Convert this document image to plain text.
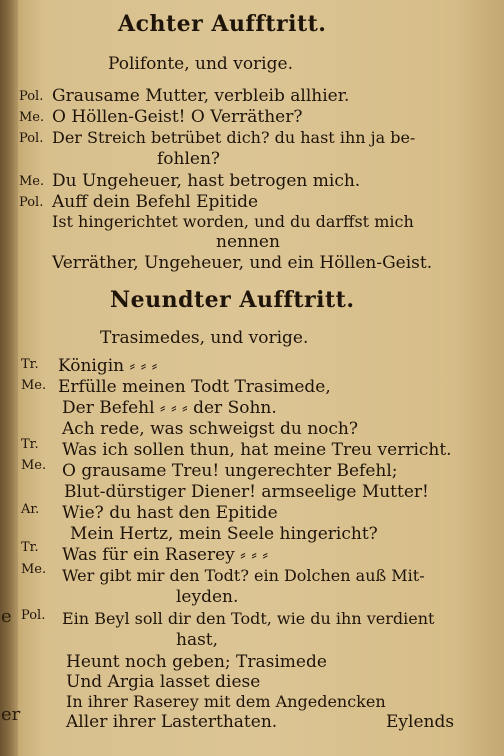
e
er
Achter Aufftritt.
Polifonte, und vorige.
Pol. Grausame Mutter, verbleib allhier.
Me. O Höllen-Geist! O Verräther?
Pol. Der Streich betrübet dich? du hast ihn ja be-
fohlen?
Me. Du Ungeheuer, hast betrogen mich.
Pol. Auff dein Befehl Epitide
Ist hingerichtet worden, und du darffst mich
nennen
Verräther, Ungeheuer, und ein Höllen-Geist.
Neundter Aufftritt.
Trasimedes, und vorige.
Tr. Königin ⸗ ⸗ ⸗
Me. Erfülle meinen Todt Trasimede,
Der Befehl ⸗ ⸗ ⸗ der Sohn.
Ach rede, was schweigst du noch?
Tr. Was ich sollen thun, hat meine Treu verricht.
Me. O grausame Treu! ungerechter Befehl;
Blut-dürstiger Diener! armseelige Mutter!
Ar. Wie? du hast den Epitide
Mein Hertz, mein Seele hingericht?
Tr. Was für ein Raserey ⸗ ⸗ ⸗
Me. Wer gibt mir den Todt? ein Dolchen auß Mit-
leyden.
Pol. Ein Beyl soll dir den Todt, wie du ihn verdient
hast,
Heunt noch geben; Trasimede
Und Argia lasset diese
In ihrer Raserey mit dem Angedencken
Aller ihrer Lasterthaten.	Eylends
